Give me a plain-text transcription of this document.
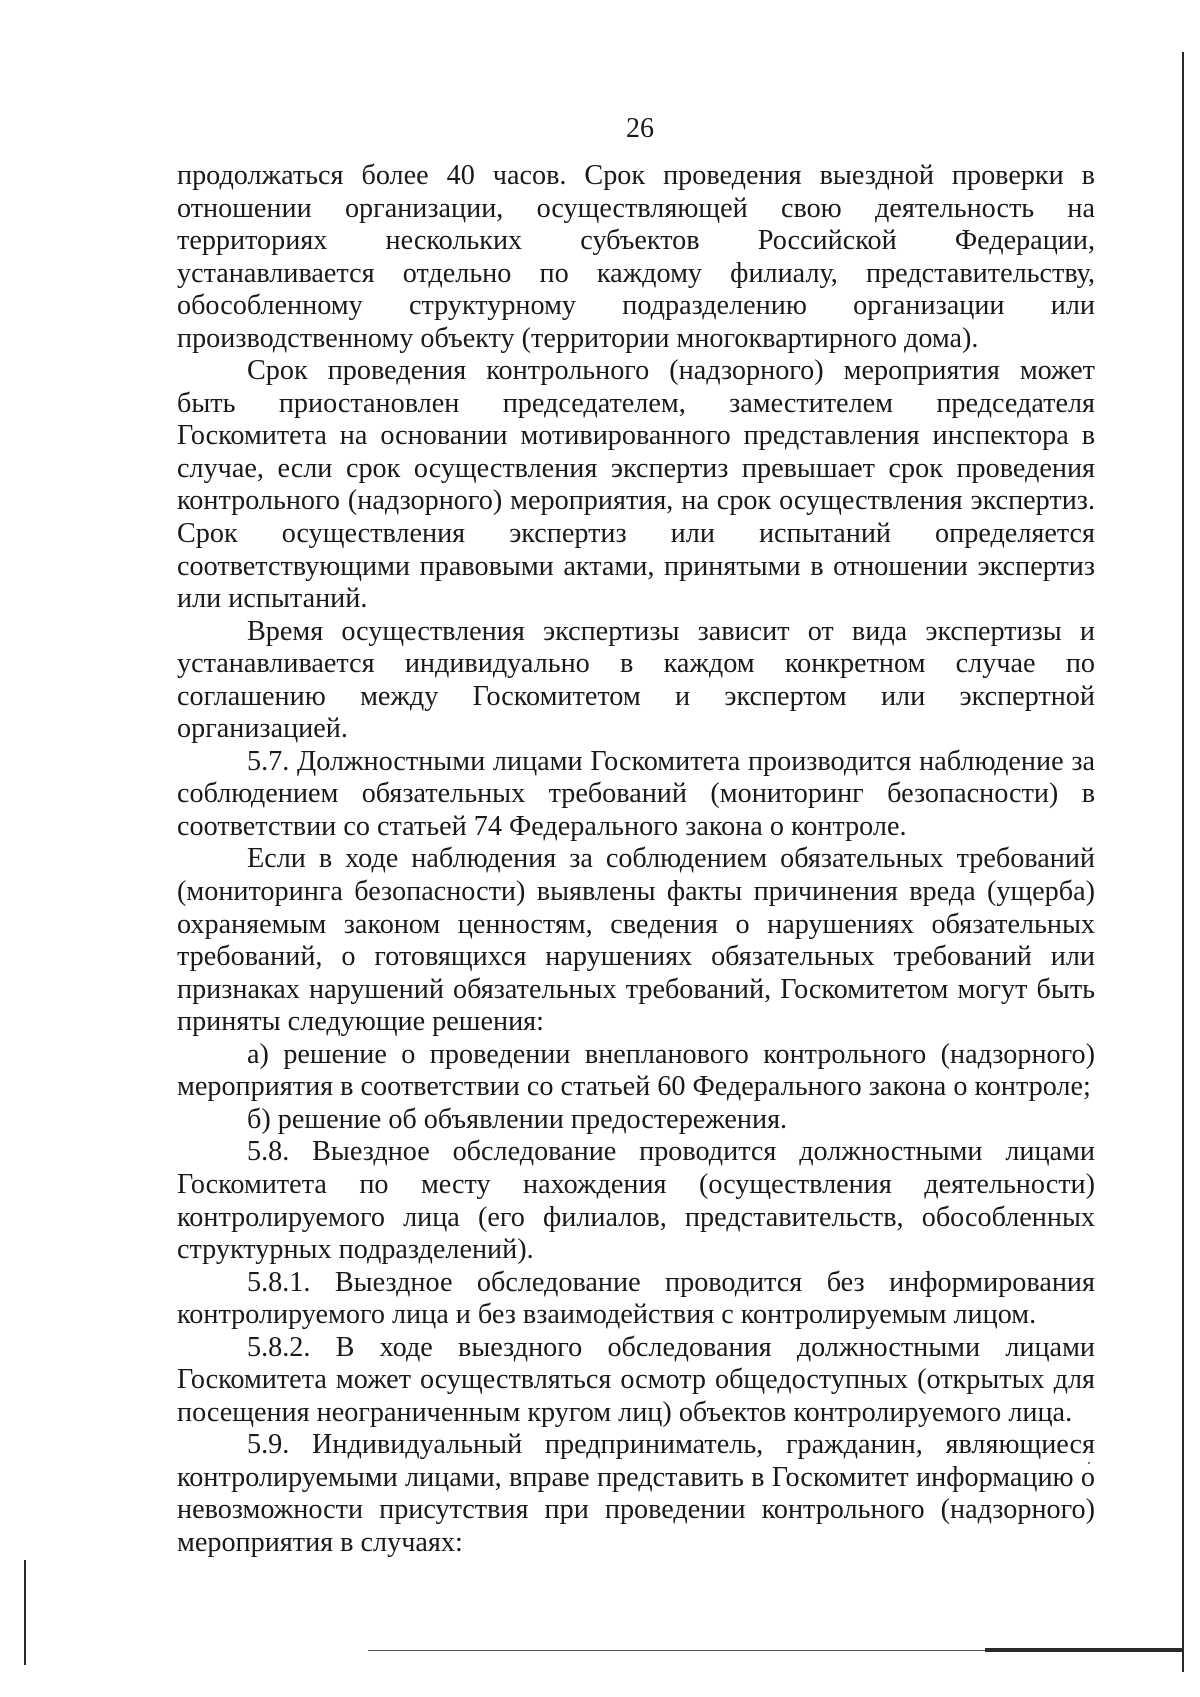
26

продолжаться более 40 часов. Срок проведения выездной проверки в отношении организации, осуществляющей свою деятельность на территориях нескольких субъектов Российской Федерации, устанавливается отдельно по каждому филиалу, представительству, обособленному структурному подразделению организации или производственному объекту (территории многоквартирного дома).

Срок проведения контрольного (надзорного) мероприятия может быть приостановлен председателем, заместителем председателя Госкомитета на основании мотивированного представления инспектора в случае, если срок осуществления экспертиз превышает срок проведения контрольного (надзорного) мероприятия, на срок осуществления экспертиз. Срок осуществления экспертиз или испытаний определяется соответствующими правовыми актами, принятыми в отношении экспертиз или испытаний.

Время осуществления экспертизы зависит от вида экспертизы и устанавливается индивидуально в каждом конкретном случае по соглашению между Госкомитетом и экспертом или экспертной организацией.

5.7. Должностными лицами Госкомитета производится наблюдение за соблюдением обязательных требований (мониторинг безопасности) в соответствии со статьей 74 Федерального закона о контроле.

Если в ходе наблюдения за соблюдением обязательных требований (мониторинга безопасности) выявлены факты причинения вреда (ущерба) охраняемым законом ценностям, сведения о нарушениях обязательных требований, о готовящихся нарушениях обязательных требований или признаках нарушений обязательных требований, Госкомитетом могут быть приняты следующие решения:

а) решение о проведении внепланового контрольного (надзорного) мероприятия в соответствии со статьей 60 Федерального закона о контроле;

б) решение об объявлении предостережения.

5.8. Выездное обследование проводится должностными лицами Госкомитета по месту нахождения (осуществления деятельности) контролируемого лица (его филиалов, представительств, обособленных структурных подразделений).

5.8.1. Выездное обследование проводится без информирования контролируемого лица и без взаимодействия с контролируемым лицом.

5.8.2. В ходе выездного обследования должностными лицами Госкомитета может осуществляться осмотр общедоступных (открытых для посещения неограниченным кругом лиц) объектов контролируемого лица.

5.9. Индивидуальный предприниматель, гражданин, являющиеся контролируемыми лицами, вправе представить в Госкомитет информацию о невозможности присутствия при проведении контрольного (надзорного) мероприятия в случаях:
